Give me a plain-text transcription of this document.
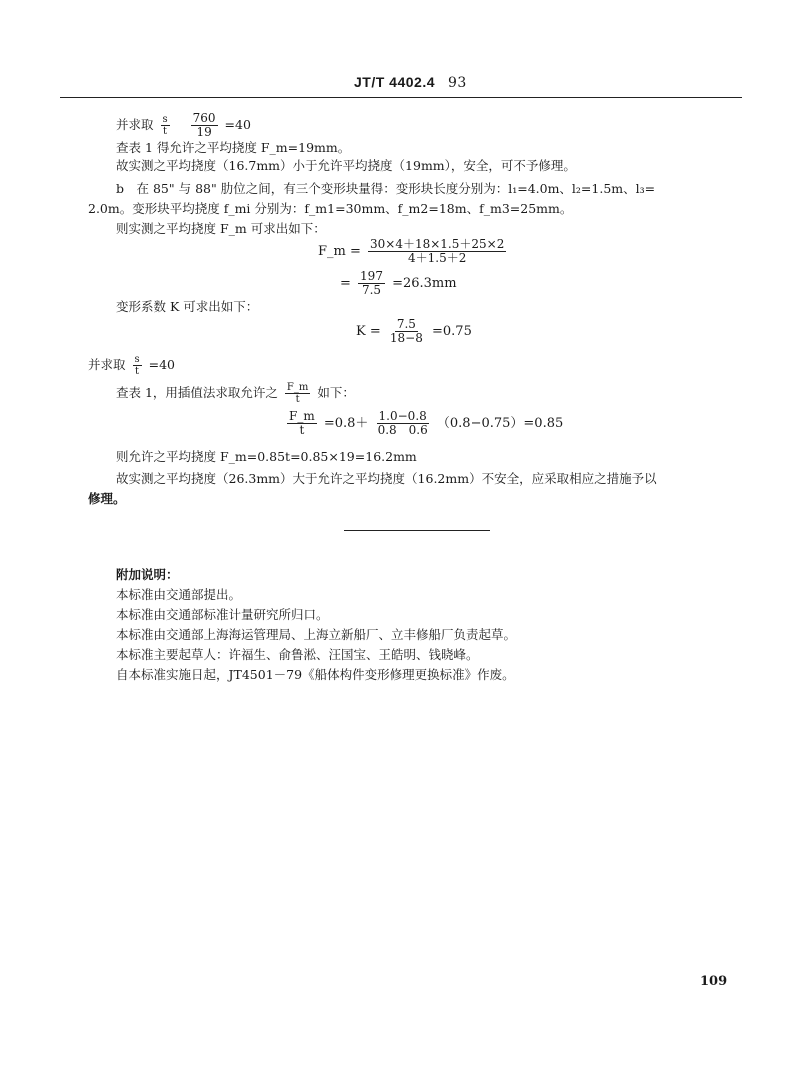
JT/T 4402.4 93
并求取 $\frac{s}{t}$
$\frac{760}{19} =40$
查表 1 得允许之平均挠度 F_m=19mm。
故实测之平均挠度（16.7mm）小于允许平均挠度（19mm），安全，可不予修理。
b　在 85" 与 88" 肋位之间，有三个变形块量得：变形块长度分别为：l₁=4.0m、l₂=1.5m、l₃=
2.0m。变形块平均挠度 f_mi 分别为：f_m1=30mm、f_m2=18m、f_m3=25mm。
则实测之平均挠度 F_m 可求出如下：
F_m = $\frac{30\times 4+18\times 1.5+25\times 2}{4+1.5+2}$
= $\frac{197}{7.5} =26.3mm$
变形系数 K 可求出如下：
$K = \frac{7.5}{18-8} =0.75$
并求取 $\frac{s}{t} =40$
查表 1，用插值法求取允许之 $\frac{F\_m}{t}$ 如下：
$\frac{F\_m}{t} =0.8+ \frac{1.0-0.8}{0.8 0.6} (0.8-0.75)=0.85$
则允许之平均挠度 F_m=0.85t=0.85×19=16.2mm
故实测之平均挠度（26.3mm）大于允许之平均挠度（16.2mm）不安全，应采取相应之措施予以
修理。
附加说明：
本标准由交通部提出。
本标准由交通部标准计量研究所归口。
本标准由交通部上海海运管理局、上海立新船厂、立丰修船厂负责起草。
本标准主要起草人：许福生、俞鲁淞、汪国宝、王皓明、钱晓峰。
自本标准实施日起，JT4501－79《船体构件变形修理更换标准》作废。
109
